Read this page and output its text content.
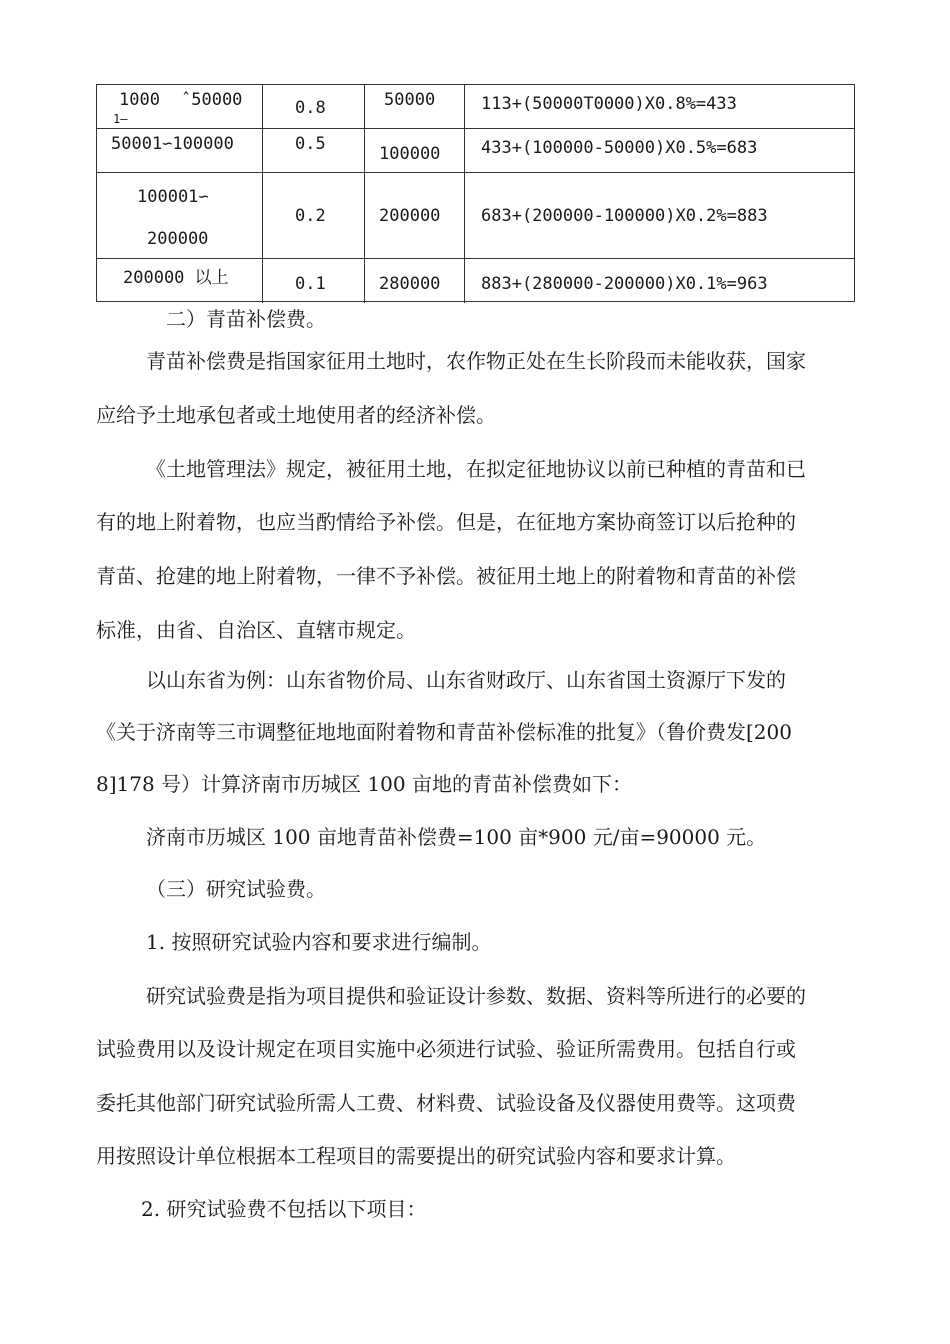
1000 ˆ50000
1–
0.8	50000	113+(50000T0000)X0.8%=433
50001∽100000	0.5	100000 433+(100000-50000)X0.5%=683
100001∽
200000
0.2	200000 683+(200000-100000)X0.2%=883
200000 以上	0.1	280000 883+(280000-200000)X0.1%=963
二）青苗补偿费。
青苗补偿费是指国家征用土地时，农作物正处在生长阶段而未能收获，国家
应给予土地承包者或土地使用者的经济补偿。
《土地管理法》规定，被征用土地，在拟定征地协议以前已种植的青苗和已
有的地上附着物，也应当酌情给予补偿。但是，在征地方案协商签订以后抢种的
青苗、抢建的地上附着物，一律不予补偿。被征用土地上的附着物和青苗的补偿
标准，由省、自治区、直辖市规定。
以山东省为例：山东省物价局、山东省财政厅、山东省国土资源厅下发的
《关于济南等三市调整征地地面附着物和青苗补偿标准的批复》（鲁价费发[200
8]178 号）计算济南市历城区 100 亩地的青苗补偿费如下：
济南市历城区 100 亩地青苗补偿费=100 亩*900 元/亩=90000 元。
（三）研究试验费。
1. 按照研究试验内容和要求进行编制。
研究试验费是指为项目提供和验证设计参数、数据、资料等所进行的必要的
试验费用以及设计规定在项目实施中必须进行试验、验证所需费用。包括自行或
委托其他部门研究试验所需人工费、材料费、试验设备及仪器使用费等。这项费
用按照设计单位根据本工程项目的需要提出的研究试验内容和要求计算。
2. 研究试验费不包括以下项目：
